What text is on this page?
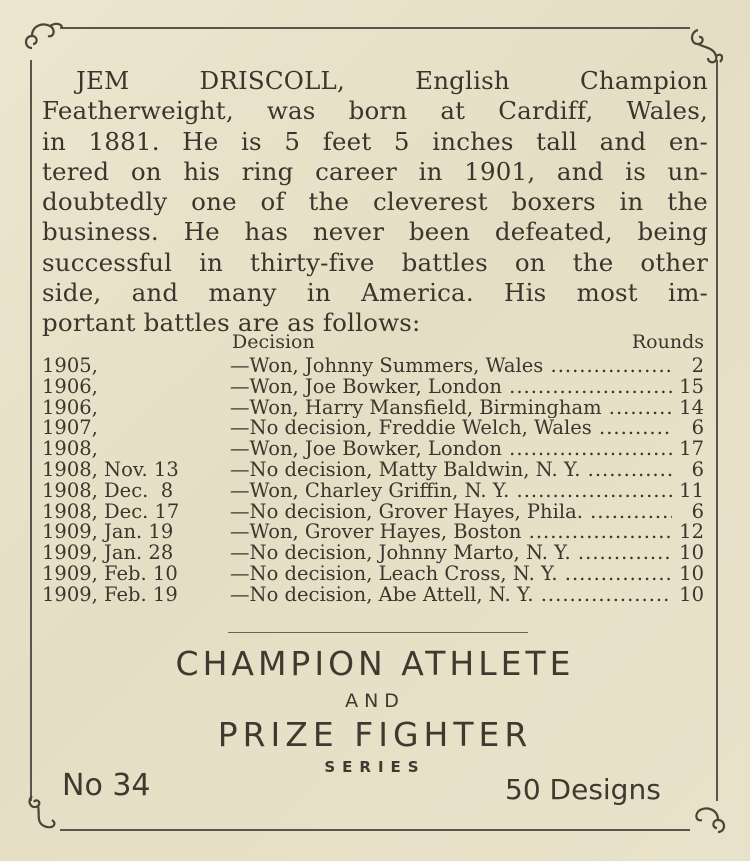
JEM DRISCOLL, English Champion
Featherweight, was born at Cardiff, Wales,
in 1881. He is 5 feet 5 inches tall and en-
tered on his ring career in 1901, and is un-
doubtedly one of the cleverest boxers in the
business. He has never been defeated, being
successful in thirty-five battles on the other
side, and many in America. His most im-
portant battles are as follows:
Decision	Rounds
1905,	—Won, Johnny Summers, Wales .....	2
1906,	—Won, Joe Bowker, London .....	15
1906,	—Won, Harry Mansfield, Birmingham .....	14
1907,	—No decision, Freddie Welch, Wales .....	6
1908,	—Won, Joe Bowker, London .....	17
1908, Nov. 13	—No decision, Matty Baldwin, N. Y. .....	6
1908, Dec.  8	—Won, Charley Griffin, N. Y. .....	11
1908, Dec. 17	—No decision, Grover Hayes, Phila. .....	6
1909, Jan. 19	—Won, Grover Hayes, Boston .....	12
1909, Jan. 28	—No decision, Johnny Marto, N. Y. .....	10
1909, Feb. 10	—No decision, Leach Cross, N. Y. .....	10
1909, Feb. 19	—No decision, Abe Attell, N. Y. .....	10
CHAMPION ATHLETE
AND
PRIZE FIGHTER
SERIES
No 34	50 Designs
